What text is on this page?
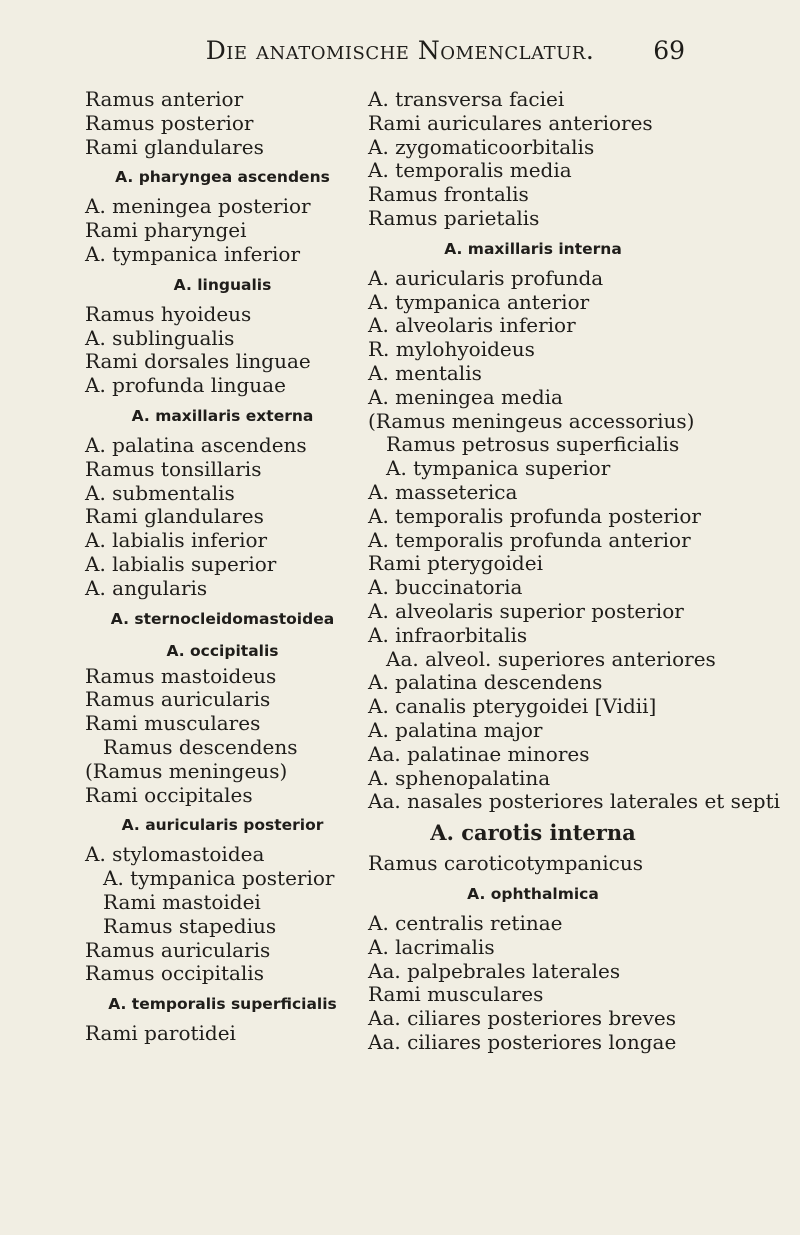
Die anatomische Nomenclatur.	69
Ramus anterior
Ramus posterior
Rami glandulares
A. pharyngea ascendens
A. meningea posterior
Rami pharyngei
A. tympanica inferior
A. lingualis
Ramus hyoideus
A. sublingualis
Rami dorsales linguae
A. profunda linguae
A. maxillaris externa
A. palatina ascendens
Ramus tonsillaris
A. submentalis
Rami glandulares
A. labialis inferior
A. labialis superior
A. angularis
A. sternocleidomastoidea
A. occipitalis
Ramus mastoideus
Ramus auricularis
Rami musculares
Ramus descendens
(Ramus meningeus)
Rami occipitales
A. auricularis posterior
A. stylomastoidea
A. tympanica posterior
Rami mastoidei
Ramus stapedius
Ramus auricularis
Ramus occipitalis
A. temporalis superficialis
Rami parotidei
A. transversa faciei
Rami auriculares anteriores
A. zygomaticoorbitalis
A. temporalis media
Ramus frontalis
Ramus parietalis
A. maxillaris interna
A. auricularis profunda
A. tympanica anterior
A. alveolaris inferior
R. mylohyoideus
A. mentalis
A. meningea media
(Ramus meningeus accessorius)
Ramus petrosus superficialis
A. tympanica superior
A. masseterica
A. temporalis profunda posterior
A. temporalis profunda anterior
Rami pterygoidei
A. buccinatoria
A. alveolaris superior posterior
A. infraorbitalis
Aa. alveol. superiores anteriores
A. palatina descendens
A. canalis pterygoidei [Vidii]
A. palatina major
Aa. palatinae minores
A. sphenopalatina
Aa. nasales posteriores laterales et septi
A. carotis interna
Ramus caroticotympanicus
A. ophthalmica
A. centralis retinae
A. lacrimalis
Aa. palpebrales laterales
Rami musculares
Aa. ciliares posteriores breves
Aa. ciliares posteriores longae
